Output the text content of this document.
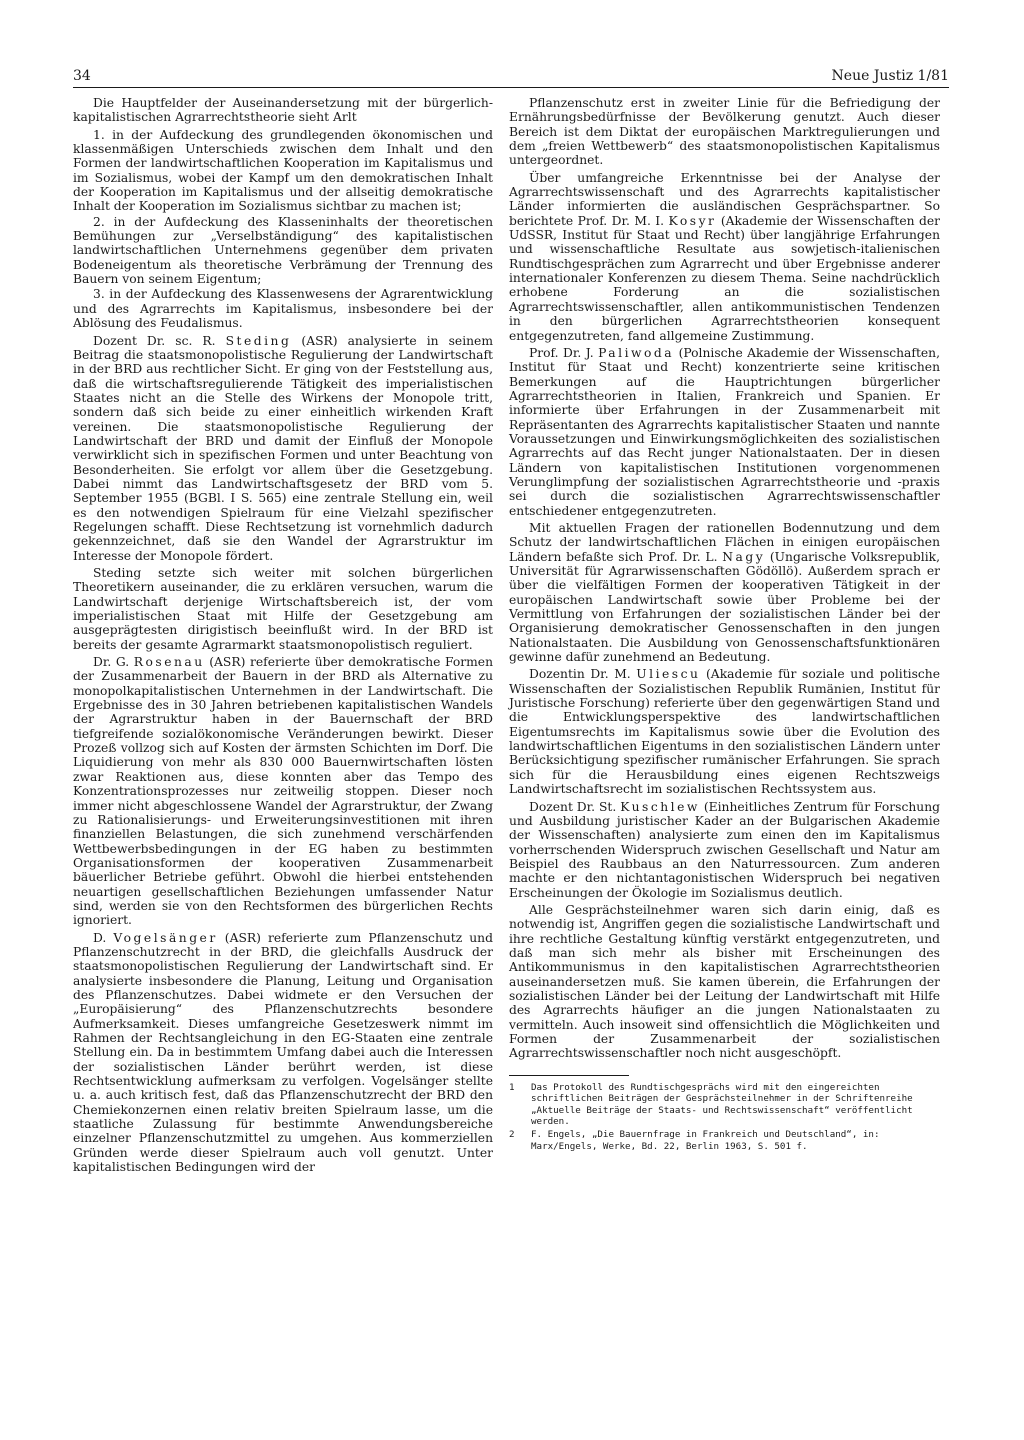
34	Neue Justiz 1/81

Die Hauptfelder der Auseinandersetzung mit der bürgerlich-kapitalistischen Agrarrechtstheorie sieht Arlt

1. in der Aufdeckung des grundlegenden ökonomischen und klassenmäßigen Unterschieds zwischen dem Inhalt und den Formen der landwirtschaftlichen Kooperation im Kapitalismus und im Sozialismus, wobei der Kampf um den demokratischen Inhalt der Kooperation im Kapitalismus und der allseitig demokratische Inhalt der Kooperation im Sozialismus sichtbar zu machen ist;

2. in der Aufdeckung des Klasseninhalts der theoretischen Bemühungen zur „Verselbständigung“ des kapitalistischen landwirtschaftlichen Unternehmens gegenüber dem privaten Bodeneigentum als theoretische Verbrämung der Trennung des Bauern von seinem Eigentum;

3. in der Aufdeckung des Klassenwesens der Agrarentwicklung und des Agrarrechts im Kapitalismus, insbesondere bei der Ablösung des Feudalismus.

Dozent Dr. sc. R. Steding (ASR) analysierte in seinem Beitrag die staatsmonopolistische Regulierung der Landwirtschaft in der BRD aus rechtlicher Sicht. Er ging von der Feststellung aus, daß die wirtschaftsregulierende Tätigkeit des imperialistischen Staates nicht an die Stelle des Wirkens der Monopole tritt, sondern daß sich beide zu einer einheitlich wirkenden Kraft vereinen. Die staatsmonopolistische Regulierung der Landwirtschaft der BRD und damit der Einfluß der Monopole verwirklicht sich in spezifischen Formen und unter Beachtung von Besonderheiten. Sie erfolgt vor allem über die Gesetzgebung. Dabei nimmt das Landwirtschaftsgesetz der BRD vom 5. September 1955 (BGBl. I S. 565) eine zentrale Stellung ein, weil es den notwendigen Spielraum für eine Vielzahl spezifischer Regelungen schafft. Diese Rechtsetzung ist vornehmlich dadurch gekennzeichnet, daß sie den Wandel der Agrarstruktur im Interesse der Monopole fördert.

Steding setzte sich weiter mit solchen bürgerlichen Theoretikern auseinander, die zu erklären versuchen, warum die Landwirtschaft derjenige Wirtschaftsbereich ist, der vom imperialistischen Staat mit Hilfe der Gesetzgebung am ausgeprägtesten dirigistisch beeinflußt wird. In der BRD ist bereits der gesamte Agrarmarkt staatsmonopolistisch reguliert.

Dr. G. Rosenau (ASR) referierte über demokratische Formen der Zusammenarbeit der Bauern in der BRD als Alternative zu monopolkapitalistischen Unternehmen in der Landwirtschaft. Die Ergebnisse des in 30 Jahren betriebenen kapitalistischen Wandels der Agrarstruktur haben in der Bauernschaft der BRD tiefgreifende sozialökonomische Veränderungen bewirkt. Dieser Prozeß vollzog sich auf Kosten der ärmsten Schichten im Dorf. Die Liquidierung von mehr als 830 000 Bauernwirtschaften lösten zwar Reaktionen aus, diese konnten aber das Tempo des Konzentrationsprozesses nur zeitweilig stoppen. Dieser noch immer nicht abgeschlossene Wandel der Agrarstruktur, der Zwang zu Rationalisierungs- und Erweiterungsinvestitionen mit ihren finanziellen Belastungen, die sich zunehmend verschärfenden Wettbewerbsbedingungen in der EG haben zu bestimmten Organisationsformen der kooperativen Zusammenarbeit bäuerlicher Betriebe geführt. Obwohl die hierbei entstehenden neuartigen gesellschaftlichen Beziehungen umfassender Natur sind, werden sie von den Rechtsformen des bürgerlichen Rechts ignoriert.

D. Vogelsänger (ASR) referierte zum Pflanzenschutz und Pflanzenschutzrecht in der BRD, die gleichfalls Ausdruck der staatsmonopolistischen Regulierung der Landwirtschaft sind. Er analysierte insbesondere die Planung, Leitung und Organisation des Pflanzenschutzes. Dabei widmete er den Versuchen der „Europäisierung“ des Pflanzenschutzrechts besondere Aufmerksamkeit. Dieses umfangreiche Gesetzeswerk nimmt im Rahmen der Rechtsangleichung in den EG-Staaten eine zentrale Stellung ein. Da in bestimmtem Umfang dabei auch die Interessen der sozialistischen Länder berührt werden, ist diese Rechtsentwicklung aufmerksam zu verfolgen. Vogelsänger stellte u. a. auch kritisch fest, daß das Pflanzenschutzrecht der BRD den Chemiekonzernen einen relativ breiten Spielraum lasse, um die staatliche Zulassung für bestimmte Anwendungsbereiche einzelner Pflanzenschutzmittel zu umgehen. Aus kommerziellen Gründen werde dieser Spielraum auch voll genutzt. Unter kapitalistischen Bedingungen wird der

Pflanzenschutz erst in zweiter Linie für die Befriedigung der Ernährungsbedürfnisse der Bevölkerung genutzt. Auch dieser Bereich ist dem Diktat der europäischen Marktregulierungen und dem „freien Wettbewerb“ des staatsmonopolistischen Kapitalismus untergeordnet.

Über umfangreiche Erkenntnisse bei der Analyse der Agrarrechtswissenschaft und des Agrarrechts kapitalistischer Länder informierten die ausländischen Gesprächspartner. So berichtete Prof. Dr. M. I. Kosyr (Akademie der Wissenschaften der UdSSR, Institut für Staat und Recht) über langjährige Erfahrungen und wissenschaftliche Resultate aus sowjetisch-italienischen Rundtischgesprächen zum Agrarrecht und über Ergebnisse anderer internationaler Konferenzen zu diesem Thema. Seine nachdrücklich erhobene Forderung an die sozialistischen Agrarrechtswissenschaftler, allen antikommunistischen Tendenzen in den bürgerlichen Agrarrechtstheorien konsequent entgegenzutreten, fand allgemeine Zustimmung.

Prof. Dr. J. Paliwoda (Polnische Akademie der Wissenschaften, Institut für Staat und Recht) konzentrierte seine kritischen Bemerkungen auf die Hauptrichtungen bürgerlicher Agrarrechtstheorien in Italien, Frankreich und Spanien. Er informierte über Erfahrungen in der Zusammenarbeit mit Repräsentanten des Agrarrechts kapitalistischer Staaten und nannte Voraussetzungen und Einwirkungsmöglichkeiten des sozialistischen Agrarrechts auf das Recht junger Nationalstaaten. Der in diesen Ländern von kapitalistischen Institutionen vorgenommenen Verunglimpfung der sozialistischen Agrarrechtstheorie und -praxis sei durch die sozialistischen Agrarrechtswissenschaftler entschiedener entgegenzutreten.

Mit aktuellen Fragen der rationellen Bodennutzung und dem Schutz der landwirtschaftlichen Flächen in einigen europäischen Ländern befaßte sich Prof. Dr. L. Nagy (Ungarische Volksrepublik, Universität für Agrarwissenschaften Gödöllö). Außerdem sprach er über die vielfältigen Formen der kooperativen Tätigkeit in der europäischen Landwirtschaft sowie über Probleme bei der Vermittlung von Erfahrungen der sozialistischen Länder bei der Organisierung demokratischer Genossenschaften in den jungen Nationalstaaten. Die Ausbildung von Genossenschaftsfunktionären gewinne dafür zunehmend an Bedeutung.

Dozentin Dr. M. Uliescu (Akademie für soziale und politische Wissenschaften der Sozialistischen Republik Rumänien, Institut für Juristische Forschung) referierte über den gegenwärtigen Stand und die Entwicklungsperspektive des landwirtschaftlichen Eigentumsrechts im Kapitalismus sowie über die Evolution des landwirtschaftlichen Eigentums in den sozialistischen Ländern unter Berücksichtigung spezifischer rumänischer Erfahrungen. Sie sprach sich für die Herausbildung eines eigenen Rechtszweigs Landwirtschaftsrecht im sozialistischen Rechtssystem aus.

Dozent Dr. St. Kuschlew (Einheitliches Zentrum für Forschung und Ausbildung juristischer Kader an der Bulgarischen Akademie der Wissenschaften) analysierte zum einen den im Kapitalismus vorherrschenden Widerspruch zwischen Gesellschaft und Natur am Beispiel des Raubbaus an den Naturressourcen. Zum anderen machte er den nichtantagonistischen Widerspruch bei negativen Erscheinungen der Ökologie im Sozialismus deutlich.

Alle Gesprächsteilnehmer waren sich darin einig, daß es notwendig ist, Angriffen gegen die sozialistische Landwirtschaft und ihre rechtliche Gestaltung künftig verstärkt entgegenzutreten, und daß man sich mehr als bisher mit Erscheinungen des Antikommunismus in den kapitalistischen Agrarrechtstheorien auseinandersetzen muß. Sie kamen überein, die Erfahrungen der sozialistischen Länder bei der Leitung der Landwirtschaft mit Hilfe des Agrarrechts häufiger an die jungen Nationalstaaten zu vermitteln. Auch insoweit sind offensichtlich die Möglichkeiten und Formen der Zusammenarbeit der sozialistischen Agrarrechtswissenschaftler noch nicht ausgeschöpft.

1	Das Protokoll des Rundtischgesprächs wird mit den eingereichten schriftlichen Beiträgen der Gesprächsteilnehmer in der Schriftenreihe „Aktuelle Beiträge der Staats- und Rechtswissenschaft“ veröffentlicht werden.
2	F. Engels, „Die Bauernfrage in Frankreich und Deutschland“, in: Marx/Engels, Werke, Bd. 22, Berlin 1963, S. 501 f.
